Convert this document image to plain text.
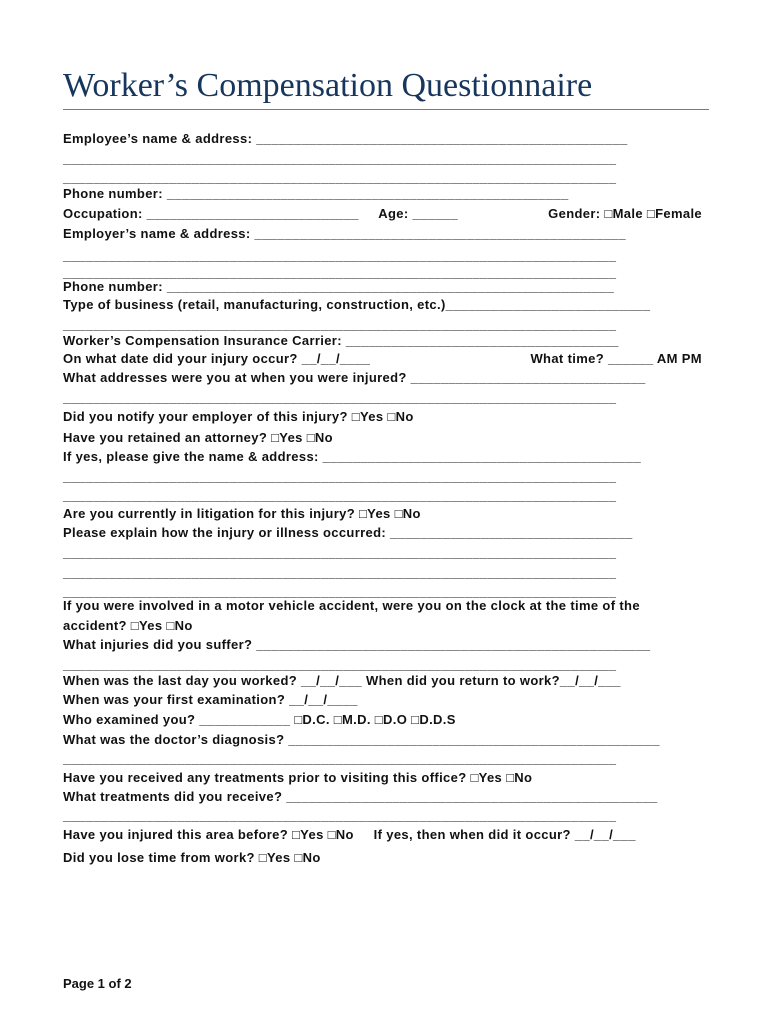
Worker’s Compensation Questionnaire
Employee’s name & address: _________________________________________________
_________________________________________________________________________
_________________________________________________________________________
Phone number: _____________________________________________________
Occupation: ____________________________     Age: ______	Gender: □Male □Female
Employer’s name & address: _________________________________________________
_________________________________________________________________________
_________________________________________________________________________
Phone number: ___________________________________________________________
Type of business (retail, manufacturing, construction, etc.)___________________________
_________________________________________________________________________
Worker’s Compensation Insurance Carrier: ____________________________________
On what date did your injury occur? __/__/____	What time? ______ AM PM
What addresses were you at when you were injured? _______________________________
_________________________________________________________________________
Did you notify your employer of this injury? □Yes □No
Have you retained an attorney? □Yes □No
If yes, please give the name & address: __________________________________________
_________________________________________________________________________
_________________________________________________________________________
Are you currently in litigation for this injury? □Yes □No
Please explain how the injury or illness occurred: ________________________________
_________________________________________________________________________
_________________________________________________________________________
_________________________________________________________________________
If you were involved in a motor vehicle accident, were you on the clock at the time of the
accident? □Yes □No
What injuries did you suffer? ____________________________________________________
_________________________________________________________________________
When was the last day you worked? __/__/___ When did you return to work?__/__/___
When was your first examination? __/__/____
Who examined you? ____________ □D.C. □M.D. □D.O □D.D.S
What was the doctor’s diagnosis? _________________________________________________
_________________________________________________________________________
Have you received any treatments prior to visiting this office? □Yes □No
What treatments did you receive? _________________________________________________
_________________________________________________________________________
Have you injured this area before? □Yes □No     If yes, then when did it occur? __/__/___
Did you lose time from work? □Yes □No
Page 1 of 2
